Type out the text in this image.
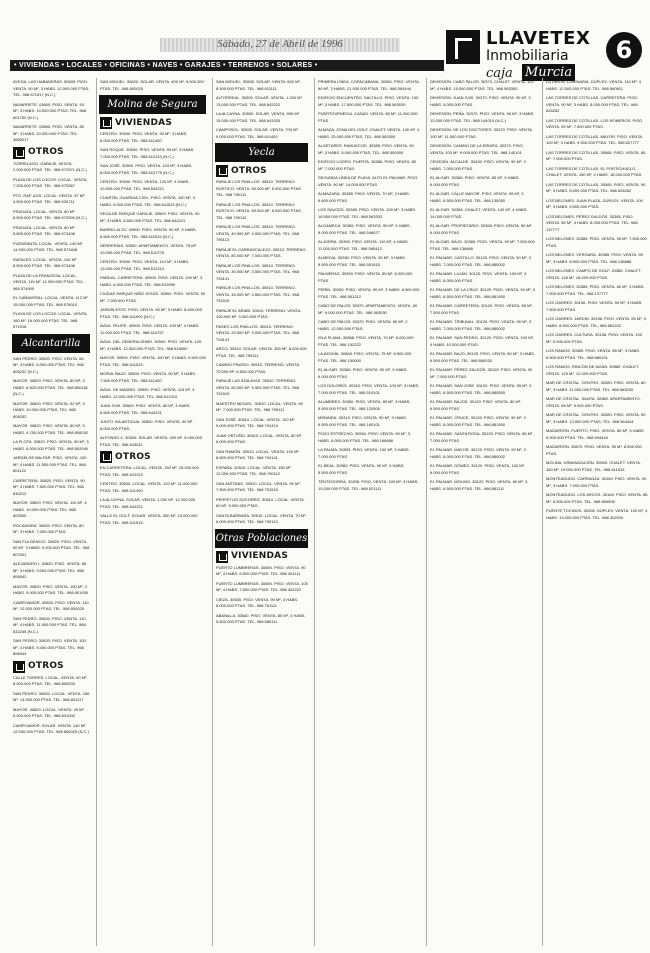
Sábado, 27 de Abril de 1996	LLAVETEX
Inmobiliaria
caja Murcia
6
• VIVIENDAS • LOCALES • OFICINAS • NAVES • GARAJES • TERRENOS • SOLARES •
AYEDA. LAS HABANERAS. 50605. PISO. VENTA. 90 M², 3 HABS. 12.000.000 PTAS. TEL. 968 671517 (N.C.)
NAVARRETE. 03800. PISO. VENTA. 93 M², 3 HABS. 10.000.000 PTAS. TEL. 968 601752 (N.C.)
NAVARRETE. 03800. PISO. VENTA. 80 M², 3 HABS. 10.000.000 PTAS. TEL. 3690017
OTROS
TORRELAGO. GARAJE. VENTA. 2.000.000 PTAS. TEL. 968 572971 (N.C.)
PLAYA DE LOS LOCOS. LOCAL. VENTA. 7.200.000 PTAS. TEL. 968 575367
PTO. RAF. AGS. LOCAL. VENTA. 57 M². 4.500.000 PTAS. TEL. 968 530711
FRAGATA. LOCAL. VENTA. 80 M². 8.500.000 PTAS. TEL. 968 572900 (N.C.)
FRAGATA. LOCAL. VENTA. 80 M². 5.600.000 PTAS. TEL. 968 573408
FUENSANTA. LOCAL. VENTA. 140 M². 14.000.000 PTAS. TEL. 968 573408
RAFALES. LOCAL. VENTA. 140 M². 6.500.000 PTAS. TEL. 968 573408
PLAYA DE LA FRANCESA. LOCAL. VENTA. 115 M². 11.000.000 PTAS. TEL. 968 574400
EL CAÑAVERAL. LOCAL. VENTA. 112 M². 15.000.000 PTAS. TEL. 968 578010
PLAYA DE LOS LOCOS. LOCAL. VENTA. 160 M². 16.000.000 PTAS. TEL. 968 571918
Alcantarilla
SAN PEDRO. 30820. PISO. VENTA. 68 M², 3 HABS. 6.000.000 PTAS. TEL. 968 806232 (N.C.)
MAYOR. 30820. PISO. VENTA. 80 M², 3 HABS. 6.500.000 PTAS. TEL. 968 800181 (N.C.)
MAYOR. 30820. PISO. VENTA. 92 M², 3 HABS. 10.000.000 PTAS. TEL. 968 808252
MAYOR. 30820. PISO. VENTA. 60 M², 3 HABS. 4.750.000 PTAS. TEL. 968 808252
LA FLOTA. 30820. PISO. VENTA. 90 M², 3 HABS. 8.000.000 PTAS. TEL. 968 802040
JARDÍN DE BALFAR. PISO. VENTA. 100 M², 4 HABS. 11.500.000 PTAS. TEL. 968 801122
CARRETERA. 30820. PISO. VENTA. 90 M², 3 HABS. 7.500.000 PTAS. TEL. 968 830212
MAYOR. 30820. PISO. VENTA. 110 M², 4 HABS. 10.000.000 PTAS. TEL. 968 802500
ROCAMORA. 30820. PISO. VENTA. 80 M², 3 HABS. 7.000.000 PTAS.
SAN FULGENCIO. 30820. PISO. VENTA. 90 M², 3 HABS. 9.000.000 PTAS. TEL. 968 807001
ALEJANDRO I. 30820. PISO. VENTA. 85 M², 3 HABS. 9.000.000 PTAS. TEL. 968 806542
MAYOR. 30820. PISO. VENTA. 100 M², 4 HABS. 9.000.000 PTAS. TEL. 968 801930
CAMPOAMOR. 30820. PISO. VENTA. 110 M². 12.000.000 PTAS. TEL. 968 800025
SAN PEDRO. 30820. PISO. VENTA. 110 M², 4 HABS. 11.500.000 PTAS. TEL. 968 832245 (N.C.)
SAN PEDRO. 30820. PISO. VENTA. 100 M², 3 HABS. 9.400.000 PTAS. TEL. 968 806044
OTROS
CALLE TORRES. LOCAL. VENTA. 90 M². 8.000.000 PTAS. TEL. 968 800033
SAN PEDRO. 30820. LOCAL. VENTA. 150 M². 14.000.000 PTAS. TEL. 968 801117
MAYOR. 30820. LOCAL. VENTA. 45 M². 6.000.000 PTAS. TEL. 968 831000
CAMPOAMOR. SOLAR. VENTA. 140 M². 12.000.000 PTAS. TEL. 968 800025 (N.C.)
SAN MIGUEL. 30820. SOLAR. VENTA. 400 M². 9.000.000 PTAS. TEL. 968 800025
Molina de Segura
VIVIENDAS
CENTRO. 30500. PISO. VENTA. 90 M², 3 HABS. 6.000.000 PTAS. TEL. 968 611400
SAN ROQUE. 30500. PISO. VENTA. 90 M², 3 HABS. 7.000.000 PTAS. TEL. 968 612210 (N.C.)
SAN JOSÉ. 30500. PISO. VENTA. 103 M², 3 HABS. 8.000.000 PTAS. TEL. 968 610775 (N.C.)
CENTRO. 30500. PISO. VENTA. 120 M², 4 HABS. 10.500.000 PTAS. TEL. 968 644221
CUARTEL GUARDIA CIVIL. PISO. VENTA. 100 M², 3 HABS. 9.000.000 PTAS. TEL. 968 611515 (N.C.)
VEGA DE PARQUE GARAJE. 30500. PISO. VENTA. 90 M², 3 HABS. 8.500.000 PTAS. TEL. 968 644221
BARRIO ALTO. 30500. PISO. VENTA. 90 M², 3 HABS. 6.500.000 PTAS. TEL. 968 611515 (N.C.)
SERRERÍAS. 30500. APARTAMENTO. VENTA. 75 M². 10.000.000 PTAS. TEL. 968 610775
CENTRO. 30500. PISO. VENTA. 110 M², 4 HABS. 13.000.000 PTAS. TEL. 968 612210
PARDAL. CARRETERA. 30500. PISO. VENTA. 100 M², 3 HABS. 6.000.000 PTAS. TEL. 968 610999
CIUDAD PARQUE NIÑO JESÚS. 30500. PISO. VENTA. 90 M². 7.000.000 PTAS.
JARDÍN ESTE. PISO. VENTA. 95 M², 3 HABS. 8.500.000 PTAS. TEL. 968 611500 (N.C.)
AVDA. FELIPE. 30500. PISO. VENTA. 105 M², 4 HABS. 11.000.000 PTAS. TEL. 968 614757
AVDA. DEL GENERALÍSIMO. 30500. PISO. VENTA. 120 M², 4 HABS. 12.500.000 PTAS. TEL. 968 618060
MAYOR. 30500. PISO. VENTA. 100 M², 3 HABS. 9.500.000 PTAS. TEL. 968 611515
MORAL BAJO. 30500. PISO. VENTA. 90 M², 3 HABS. 7.500.000 PTAS. TEL. 968 611400
AVDA. DE MADRID. 30500. PISO. VENTA. 115 M², 4 HABS. 12.000.000 PTAS. TEL. 968 612210
JUAN XXIII. 30500. PISO. VENTA. 80 M², 3 HABS. 6.500.000 PTAS. TEL. 968 644221
JUNTO VIA ANTIGUA. 30500. PISO. VENTA. 90 M². 8.000.000 PTAS.
ALFONSO X. 30500. SOLAR. VENTA. 400 M². 9.000.000 PTAS. TEL. 968 615011
OTROS
EN CARRETERA. LOCAL. VENTA. 150 M². 15.000.000 PTAS. TEL. 968 612210
CENTRO. 30500. LOCAL. VENTA. 120 M². 11.000.000 PTAS. TEL. 968 611400
LA ALCAYNA. SOLAR. VENTA. 1.000 M². 12.000.000 PTAS. TEL. 968 644221
VALLE EL GOLF. SOLAR. VENTA. 550 M². 10.000.000 PTAS. TEL. 968 611515
SAN MIGUEL. 30500. SOLAR. VENTA. 600 M². 8.500.000 PTAS. TEL. 968 611111
ALTORREAL. 30500. SOLAR. VENTA. 1.200 M². 13.000.000 PTAS. TEL. 968 642222
LA ALCAYNA. 30500. SOLAR. VENTA. 900 M². 15.000.000 PTAS. TEL. 968 643333
CAMPOSOL. 30500. SOLAR. VENTA. 700 M². 9.000.000 PTAS. TEL. 968 611400
Yecla
OTROS
PARAJE LOS PINILLOS. 30510. TERRENO RÚSTICO. VENTA. 50.000 M². 5.000.000 PTAS. TEL. 968 790111
PARAJE LOS PINILLOS. 30510. TERRENO RÚSTICO. VENTA. 60.000 M². 6.000.000 PTAS. TEL. 968 790112
PARAJE LOS PINILLOS. 30510. TERRENO. VENTA. 40.000 M². 4.000.000 PTAS. TEL. 968 790113
PARAJE EL CARRASCALEJO. 30510. TERRENO. VENTA. 80.000 M². 7.000.000 PTAS.
PARAJE LOS PINILLOS. 30510. TERRENO. VENTA. 30.000 M². 3.500.000 PTAS. TEL. 968 794141
PARAJE LOS PINILLOS. 30510. TERRENO. VENTA. 45.000 M². 4.500.000 PTAS. TEL. 968 751515
PARAJE EL ARABÍ. 30510. TERRENO. VENTA. 100.000 M². 9.000.000 PTAS.
PASEO LOS PINILLOS. 30510. TERRENO. VENTA. 25.000 M². 3.000.000 PTAS. TEL. 968 794141
ARCO. 30510. SOLAR. VENTA. 350 M². 6.000.000 PTAS. TEL. 968 790111
CAMINO PINOSO. 30510. TERRENO. VENTA. 70.000 M². 6.500.000 PTAS.
PARAJE LAS ATALAYAS. 30510. TERRENO. VENTA. 60.000 M². 5.500.000 PTAS. TEL. 968 751515
MAESTRO MIGUEL. 30510. LOCAL. VENTA. 90 M². 7.000.000 PTAS. TEL. 968 795111
SAN JOSÉ. 30510. LOCAL. VENTA. 120 M². 9.000.000 PTAS. TEL. 968 791414
JUAN ORTUÑO. 30510. LOCAL. VENTA. 80 M². 6.000.000 PTAS.
SAN RAMÓN. 30510. LOCAL. VENTA. 100 M². 8.500.000 PTAS. TEL. 968 794141
ESPAÑA. 30510. LOCAL. VENTA. 150 M². 12.000.000 PTAS. TEL. 968 790112
SAN ANTONIO. 30510. LOCAL. VENTA. 90 M². 7.500.000 PTAS. TEL. 968 751515
PERPETUO SOCORRO. 30510. LOCAL. VENTA. 60 M². 5.000.000 PTAS.
SANTA BÁRBARA. 30510. LOCAL. VENTA. 70 M². 6.000.000 PTAS. TEL. 968 790113
Otras Poblaciones
VIVIENDAS
PUERTO LUMBRERAS. 30890. PISO. VENTA. 90 M², 3 HABS. 6.500.000 PTAS. TEL. 968 401111
PUERTO LUMBRERAS. 30890. PISO. VENTA. 100 M², 4 HABS. 7.500.000 PTAS. TEL. 968 402222
CIEZA. 30530. PISO. VENTA. 90 M², 3 HABS. 6.000.000 PTAS. TEL. 968 761111
ABANILLA. 30640. PISO. VENTA. 80 M², 3 HABS. 5.500.000 PTAS. TEL. 968 680111
PRIMERA LÍNEA. COPACABANA. 30380. PISO. VENTA. 90 M², 3 HABS. 21.000.000 PTAS. TEL. 968 564444
EDIFICIO ENCUENTRO. SALTILLO. PISO. VENTA. 100 M², 3 HABS. 17.500.000 PTAS. TEL. 968 563030
PUERTOVENECIA. CASAS. VENTA. 85 M². 11.000.000 PTAS.
ALMAZA. ZONA DEL GOLF. CHALET. VENTA. 140 M², 4 HABS. 25.000.000 PTAS. TEL. 968 563300
ALGETARES. RAHUECOS. 30385. PISO. VENTA. 90 M², 3 HABS. 8.000.000 PTAS. TEL. 968 550000
EDIFICIO LOGRO. PUERTA. 30385. PISO. VENTA. 80 M². 7.000.000 PTAS.
SEGUNDA LÍNEA DE PLAYA. ALTO EL PALMAR. PISO. VENTA. 90 M². 14.000.000 PTAS.
ALMAZARA. 30385. PISO. VENTA. 70 M², 2 HABS. 6.600.000 PTAS.
LOS SAUCES. 30385. PISO. VENTA. 100 M², 3 HABS. 16.500.000 PTAS. TEL. 968 563333
ALGAMECA. 30385. PISO. VENTA. 90 M², 3 HABS. 9.000.000 PTAS. TEL. 968 546677
ALJORRA. 30390. PISO. VENTA. 110 M², 4 HABS. 11.000.000 PTAS. TEL. 968 565412
ALMEDIA. 30390. PISO. VENTA. 95 M², 3 HABS. 9.500.000 PTAS. TEL. 968 551515
PALMERAS. 30390. PISO. VENTA. 85 M². 8.000.000 PTAS.
PERÍN. 30390. PISO. VENTA. 90 M², 3 HABS. 6.500.000 PTAS. TEL. 968 551212
CABO DE PALOS. 30370. APARTAMENTO. VENTA. 60 M². 9.000.000 PTAS. TEL. 968 563030
CABO DE PALOS. 30370. PISO. VENTA. 80 M², 2 HABS. 12.000.000 PTAS.
ISLA PLANA. 30868. PISO. VENTA. 70 M². 6.000.000 PTAS. TEL. 968 152222
LA AZOHÍA. 30868. PISO. VENTA. 75 M². 8.500.000 PTAS. TEL. 968 150000
EL ALGAR. 30366. PISO. VENTA. 90 M², 3 HABS. 6.000.000 PTAS.
LOS DOLORES. 30310. PISO. VENTA. 100 M², 3 HABS. 7.000.000 PTAS. TEL. 968 510101
ALUMBRES. 30350. PISO. VENTA. 85 M², 3 HABS. 5.500.000 PTAS. TEL. 968 120505
MIRANDA. 30319. PISO. VENTA. 90 M², 3 HABS. 6.500.000 PTAS. TEL. 968 160101
POZO ESTRECHO. 30594. PISO. VENTA. 95 M², 3 HABS. 6.000.000 PTAS. TEL. 968 166666
LA PALMA. 30593. PISO. VENTA. 100 M², 3 HABS. 7.000.000 PTAS.
EL BEAL. 30360. PISO. VENTA. 90 M², 3 HABS. 5.500.000 PTAS.
TENTEGORRA. 30205. PISO. VENTA. 100 M², 4 HABS. 10.000.000 PTAS. TEL. 968 521111
DEHESIÓN. CABO PALOS. 30370. CHALET. VENTA. 120 M², 4 HABS. 15.000.000 PTAS. TEL. 968 563300
DEHESIÓN. JUAN XXIII. 30370. PISO. VENTA. 90 M², 3 HABS. 9.000.000 PTAS.
DEHESIÓN. PEÑA. 30370. PISO. VENTA. 90 M², 3 HABS. 12.000.000 PTAS. TEL. 968 144010 (N.C.)
DEHESIÓN. DE LOS DOCTORES. 30370. PISO. VENTA. 100 M². 11.500.000 PTAS.
DEHESIÓN. CAMINO DE LA ERMITA. 30370. PISO. VENTA. 100 M². 9.000.000 PTAS. TEL. 968 140101
CEHEGÍN. ALCALDE. 30430. PISO. VENTA. 90 M², 3 HABS. 7.000.000 PTAS.
EL ALGAR. 30366. PISO. VENTA. 85 M², 3 HABS. 6.000.000 PTAS.
EL ALGAR. CALLE MAYOR. PISO. VENTA. 95 M², 3 HABS. 6.500.000 PTAS. TEL. 968 135050
EL ALGAR. 30366. CHALET. VENTA. 140 M², 4 HABS. 14.000.000 PTAS.
EL ALGAR. PROPIETARIO. 30366. PISO. VENTA. 80 M². 6.000.000 PTAS.
EL ALGAR. BAJO. 30366. PISO. VENTA. 90 M². 7.500.000 PTAS. TEL. 968 136666
EL PALMAR. CASTILLO. 30120. PISO. VENTA. 90 M², 3 HABS. 7.000.000 PTAS. TEL. 968 880002
EL PALMAR. LUJÁN. 30120. PISO. VENTA. 100 M², 3 HABS. 8.000.000 PTAS.
EL PALMAR. DE LA CRUZ. 30120. PISO. VENTA. 90 M², 3 HABS. 8.500.000 PTAS. TEL. 968 881900
EL PALMAR. CARRETERA. 30120. PISO. VENTA. 85 M². 7.500.000 PTAS.
EL PALMAR. TRIBUNAL. 30120. PISO. VENTA. 90 M², 3 HABS. 7.000.000 PTAS. TEL. 968 880002
EL PALMAR. SAN PEDRO. 30120. PISO. VENTA. 100 M², 4 HABS. 10.000.000 PTAS.
EL PALMAR. BAJO. 30120. PISO. VENTA. 80 M², 3 HABS. 6.500.000 PTAS. TEL. 968 880033
EL PALMAR. PÉREZ GALDÓS. 30120. PISO. VENTA. 90 M². 7.500.000 PTAS.
EL PALMAR. SAN JOSÉ. 30120. PISO. VENTA. 95 M², 3 HABS. 8.500.000 PTAS. TEL. 968 880505
EL PALMAR. BAJOS. 30120. PISO. VENTA. 80 M². 6.500.000 PTAS.
EL PALMAR. CRUCE. 30120. PISO. VENTA. 90 M², 3 HABS. 8.000.000 PTAS. TEL. 968 881900
EL PALMAR. SANTA ROSA. 30120. PISO. VENTA. 85 M². 7.000.000 PTAS.
EL PALMAR. MAYOR. 30120. PISO. VENTA. 90 M², 3 HABS. 8.000.000 PTAS. TEL. 968 880002
EL PALMAR. GÓMEZ. 30120. PISO. VENTA. 100 M². 9.000.000 PTAS.
EL PALMAR. MOLINO. 30120. PISO. VENTA. 80 M², 3 HABS. 6.500.000 PTAS. TEL. 968 881111
LA UNIÓN. LUMINARIA. DÚPLEX. VENTA. 110 M², 4 HABS. 12.500.000 PTAS. TEL. 968 560811
LAS TORRES DE COTILLAS. CARRETERA. PISO. VENTA. 90 M², 3 HABS. 8.000.000 PTAS. TEL. 968 626262
LAS TORRES DE COTILLAS. LOS ROMEROS. PISO. VENTA. 90 M². 7.500.000 PTAS.
LAS TORRES DE COTILLAS. MAYOR. PISO. VENTA. 100 M², 3 HABS. 9.000.000 PTAS. TEL. 968 627777
LAS TORRES DE COTILLAS. 30565. PISO. VENTA. 85 M². 7.000.000 PTAS.
LAS TORRES DE COTILLAS. EL PORTICHUELO. CHALET. VENTA. 150 M², 4 HABS. 16.000.000 PTAS.
LAS TORRES DE COTILLAS. 30565. PISO. VENTA. 90 M², 3 HABS. 8.000.000 PTAS. TEL. 968 626262
LOS BELONES. JUAN PLAZA. DÚPLEX. VENTA. 100 M², 3 HABS. 9.500.000 PTAS.
LOS BELONES. PÉREZ GALDÓS. 30385. PISO. VENTA. 85 M², 3 HABS. 8.000.000 PTAS. TEL. 968 137777
LOS BELONES. 30385. PISO. VENTA. 90 M². 7.500.000 PTAS.
LOS BELONES. VERGARA. 30385. PISO. VENTA. 95 M², 3 HABS. 8.500.000 PTAS. TEL. 968 138888
LOS BELONES. CAMPO DE GOLF. 30385. CHALET. VENTA. 140 M². 18.000.000 PTAS.
LOS BELONES. 30385. PISO. VENTA. 80 M², 3 HABS. 7.000.000 PTAS. TEL. 968 137777
LOS GARRES. 30156. PISO. VENTA. 90 M², 3 HABS. 7.500.000 PTAS.
LOS GARRES. JARDÍN. 30156. PISO. VENTA. 95 M², 3 HABS. 8.500.000 PTAS. TEL. 968 881222
LOS GARRES. CULTURA. 30156. PISO. VENTA. 100 M². 9.000.000 PTAS.
LOS RAMOS. 30589. PISO. VENTA. 85 M², 3 HABS. 6.500.000 PTAS. TEL. 968 880101
LOS RAMOS. RINCÓN DE AVIAN. 30589. CHALET. VENTA. 120 M². 12.000.000 PTAS.
MAR DE CRISTAL. CENTRO. 30380. PISO. VENTA. 80 M², 3 HABS. 11.000.000 PTAS. TEL. 968 563030
MAR DE CRISTAL. SANTA. 30380. APARTAMENTO. VENTA. 65 M². 9.000.000 PTAS.
MAR DE CRISTAL. CENTRO. 30380. PISO. VENTA. 90 M², 3 HABS. 12.500.000 PTAS. TEL. 968 564444
MAZARRÓN. PUERTO. PISO. VENTA. 80 M², 3 HABS. 9.000.000 PTAS. TEL. 968 594444
MAZARRÓN. 30870. PISO. VENTA. 90 M². 8.500.000 PTAS.
MOLINA. URBANIZACIÓN. 30500. CHALET. VENTA. 160 M². 19.000.000 PTAS. TEL. 968 611515
MONTEAGUDO. CARRANZA. 30160. PISO. VENTA. 90 M², 3 HABS. 7.000.000 PTAS.
MONTEAGUDO. LOS ARCOS. 30160. PISO. VENTA. 85 M². 6.500.000 PTAS. TEL. 968 850505
PUENTE TOCINOS. 30006. DÚPLEX. VENTA. 120 M², 4 HABS. 13.000.000 PTAS. TEL. 968 302020
